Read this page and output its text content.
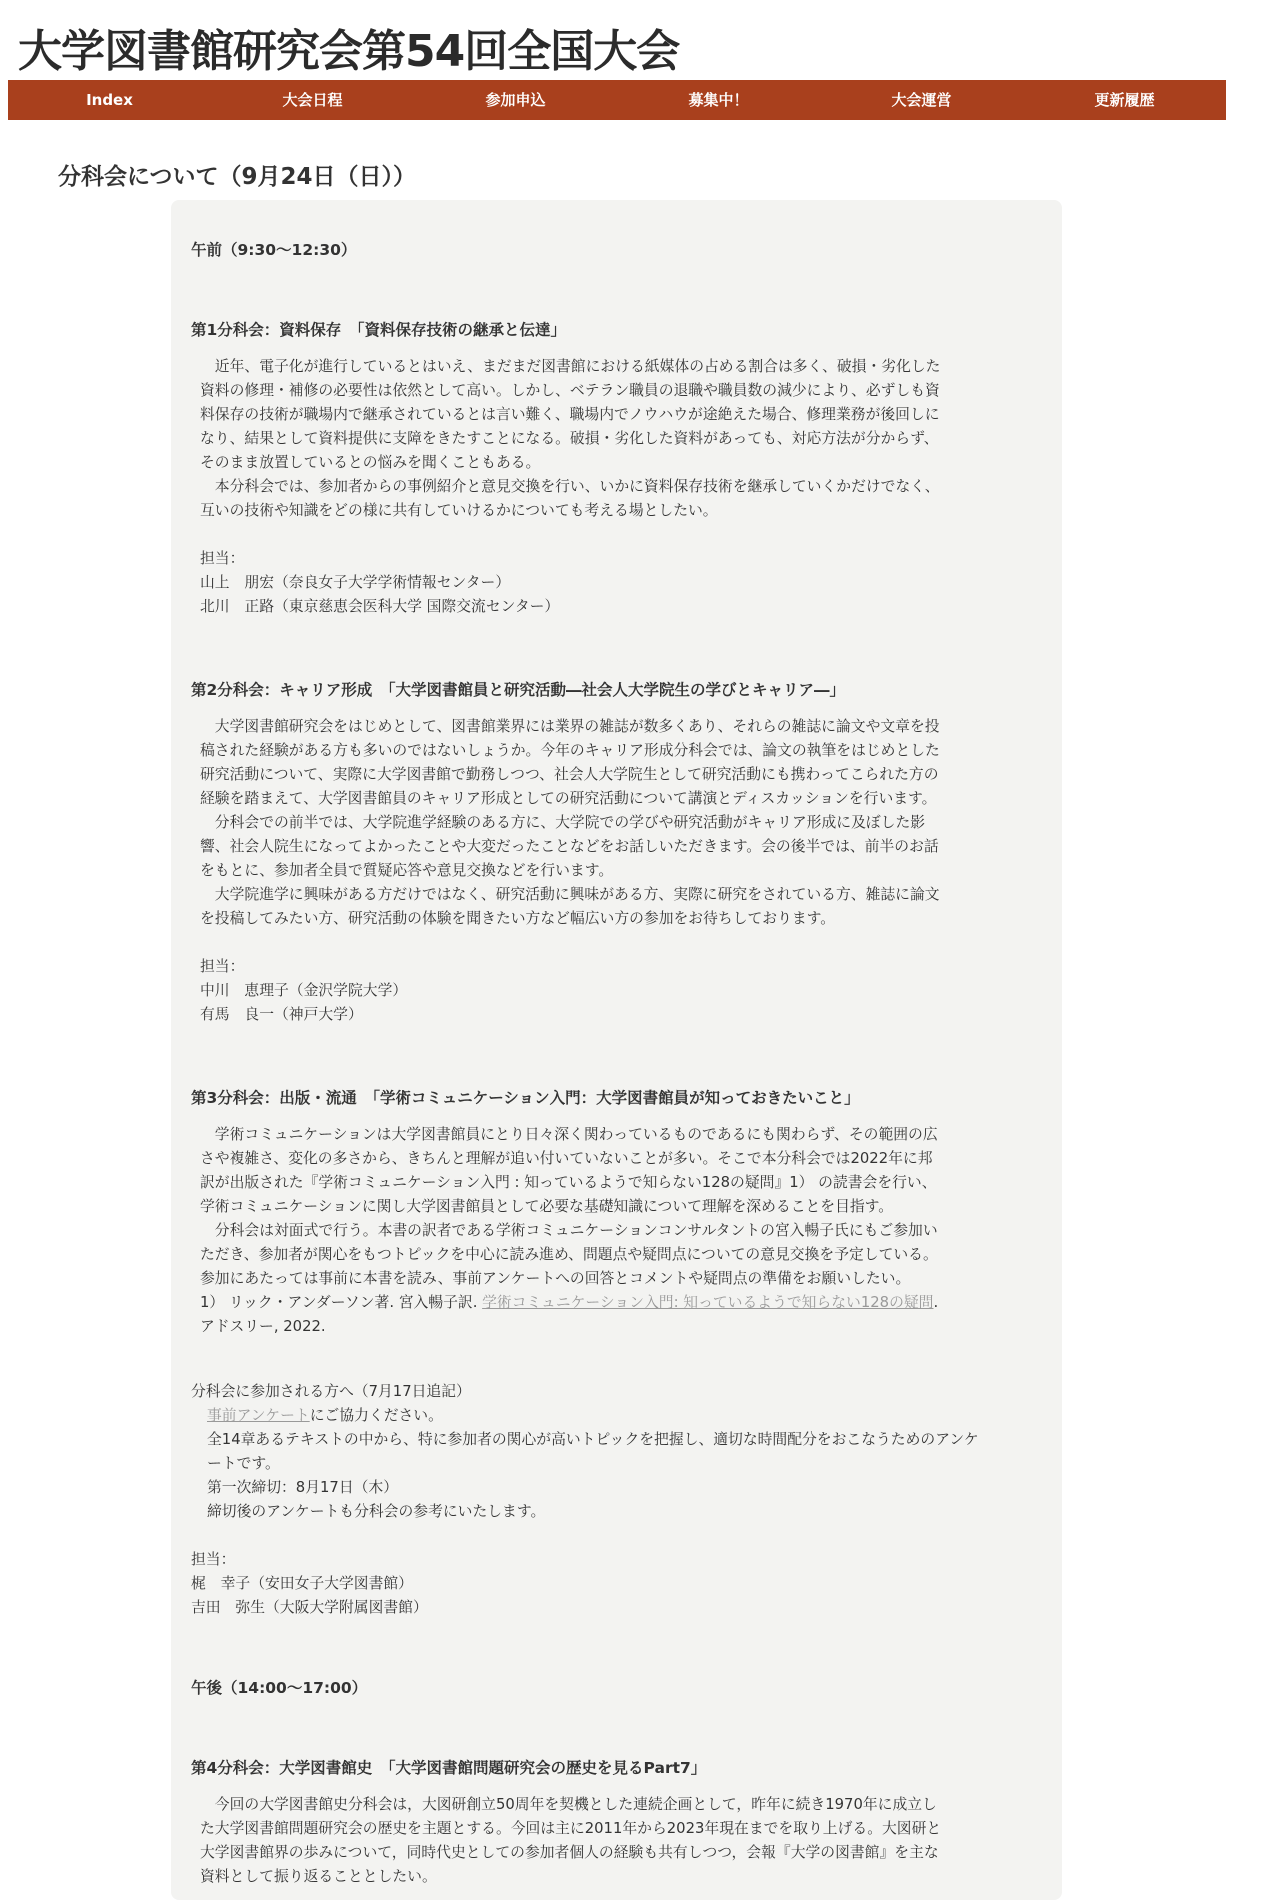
大学図書館研究会第54回全国大会
Index	大会日程	参加申込	募集中！	大会運営	更新履歴
分科会について（9月24日（日））
午前（9:30〜12:30）
第1分科会：資料保存　「資料保存技術の継承と伝達」
　近年、電子化が進行しているとはいえ、まだまだ図書館における紙媒体の占める割合は多く、破損・劣化した
資料の修理・補修の必要性は依然として高い。しかし、ベテラン職員の退職や職員数の減少により、必ずしも資
料保存の技術が職場内で継承されているとは言い難く、職場内でノウハウが途絶えた場合、修理業務が後回しに
なり、結果として資料提供に支障をきたすことになる。破損・劣化した資料があっても、対応方法が分からず、
そのまま放置しているとの悩みを聞くこともある。
　本分科会では、参加者からの事例紹介と意見交換を行い、いかに資料保存技術を継承していくかだけでなく、
互いの技術や知識をどの様に共有していけるかについても考える場としたい。
担当：
山上　朋宏（奈良女子大学学術情報センター）
北川　正路（東京慈恵会医科大学 国際交流センター）
第2分科会：キャリア形成　「大学図書館員と研究活動―社会人大学院生の学びとキャリア―」
　大学図書館研究会をはじめとして、図書館業界には業界の雑誌が数多くあり、それらの雑誌に論文や文章を投
稿された経験がある方も多いのではないしょうか。今年のキャリア形成分科会では、論文の執筆をはじめとした
研究活動について、実際に大学図書館で勤務しつつ、社会人大学院生として研究活動にも携わってこられた方の
経験を踏まえて、大学図書館員のキャリア形成としての研究活動について講演とディスカッションを行います。
　分科会での前半では、大学院進学経験のある方に、大学院での学びや研究活動がキャリア形成に及ぼした影
響、社会人院生になってよかったことや大変だったことなどをお話しいただきます。会の後半では、前半のお話
をもとに、参加者全員で質疑応答や意見交換などを行います。
　大学院進学に興味がある方だけではなく、研究活動に興味がある方、実際に研究をされている方、雑誌に論文
を投稿してみたい方、研究活動の体験を聞きたい方など幅広い方の参加をお待ちしております。
担当：
中川　恵理子（金沢学院大学）
有馬　良一（神戸大学）
第3分科会：出版・流通　「学術コミュニケーション入門：大学図書館員が知っておきたいこと」
　学術コミュニケーションは大学図書館員にとり日々深く関わっているものであるにも関わらず、その範囲の広
さや複雑さ、変化の多さから、きちんと理解が追い付いていないことが多い。そこで本分科会では2022年に邦
訳が出版された『学術コミュニケーション入門 : 知っているようで知らない128の疑問』1） の読書会を行い、
学術コミュニケーションに関し大学図書館員として必要な基礎知識について理解を深めることを目指す。
　分科会は対面式で行う。本書の訳者である学術コミュニケーションコンサルタントの宮入暢子氏にもご参加い
ただき、参加者が関心をもつトピックを中心に読み進め、問題点や疑問点についての意見交換を予定している。
参加にあたっては事前に本書を読み、事前アンケートへの回答とコメントや疑問点の準備をお願いしたい。
1） リック・アンダーソン著. 宮入暢子訳. 学術コミュニケーション入門: 知っているようで知らない128の疑問.
アドスリー, 2022.
分科会に参加される方へ（7月17日追記）
事前アンケートにご協力ください。
全14章あるテキストの中から、特に参加者の関心が高いトピックを把握し、適切な時間配分をおこなうためのアンケ
ートです。
第一次締切：8月17日（木）
締切後のアンケートも分科会の参考にいたします。
担当：
梶　幸子（安田女子大学図書館）
吉田　弥生（大阪大学附属図書館）
午後（14:00〜17:00）
第4分科会：大学図書館史　「大学図書館問題研究会の歴史を見るPart7」
　今回の大学図書館史分科会は，大図研創立50周年を契機とした連続企画として，昨年に続き1970年に成立し
た大学図書館問題研究会の歴史を主題とする。今回は主に2011年から2023年現在までを取り上げる。大図研と
大学図書館界の歩みについて，同時代史としての参加者個人の経験も共有しつつ，会報『大学の図書館』を主な
資料として振り返ることとしたい。
